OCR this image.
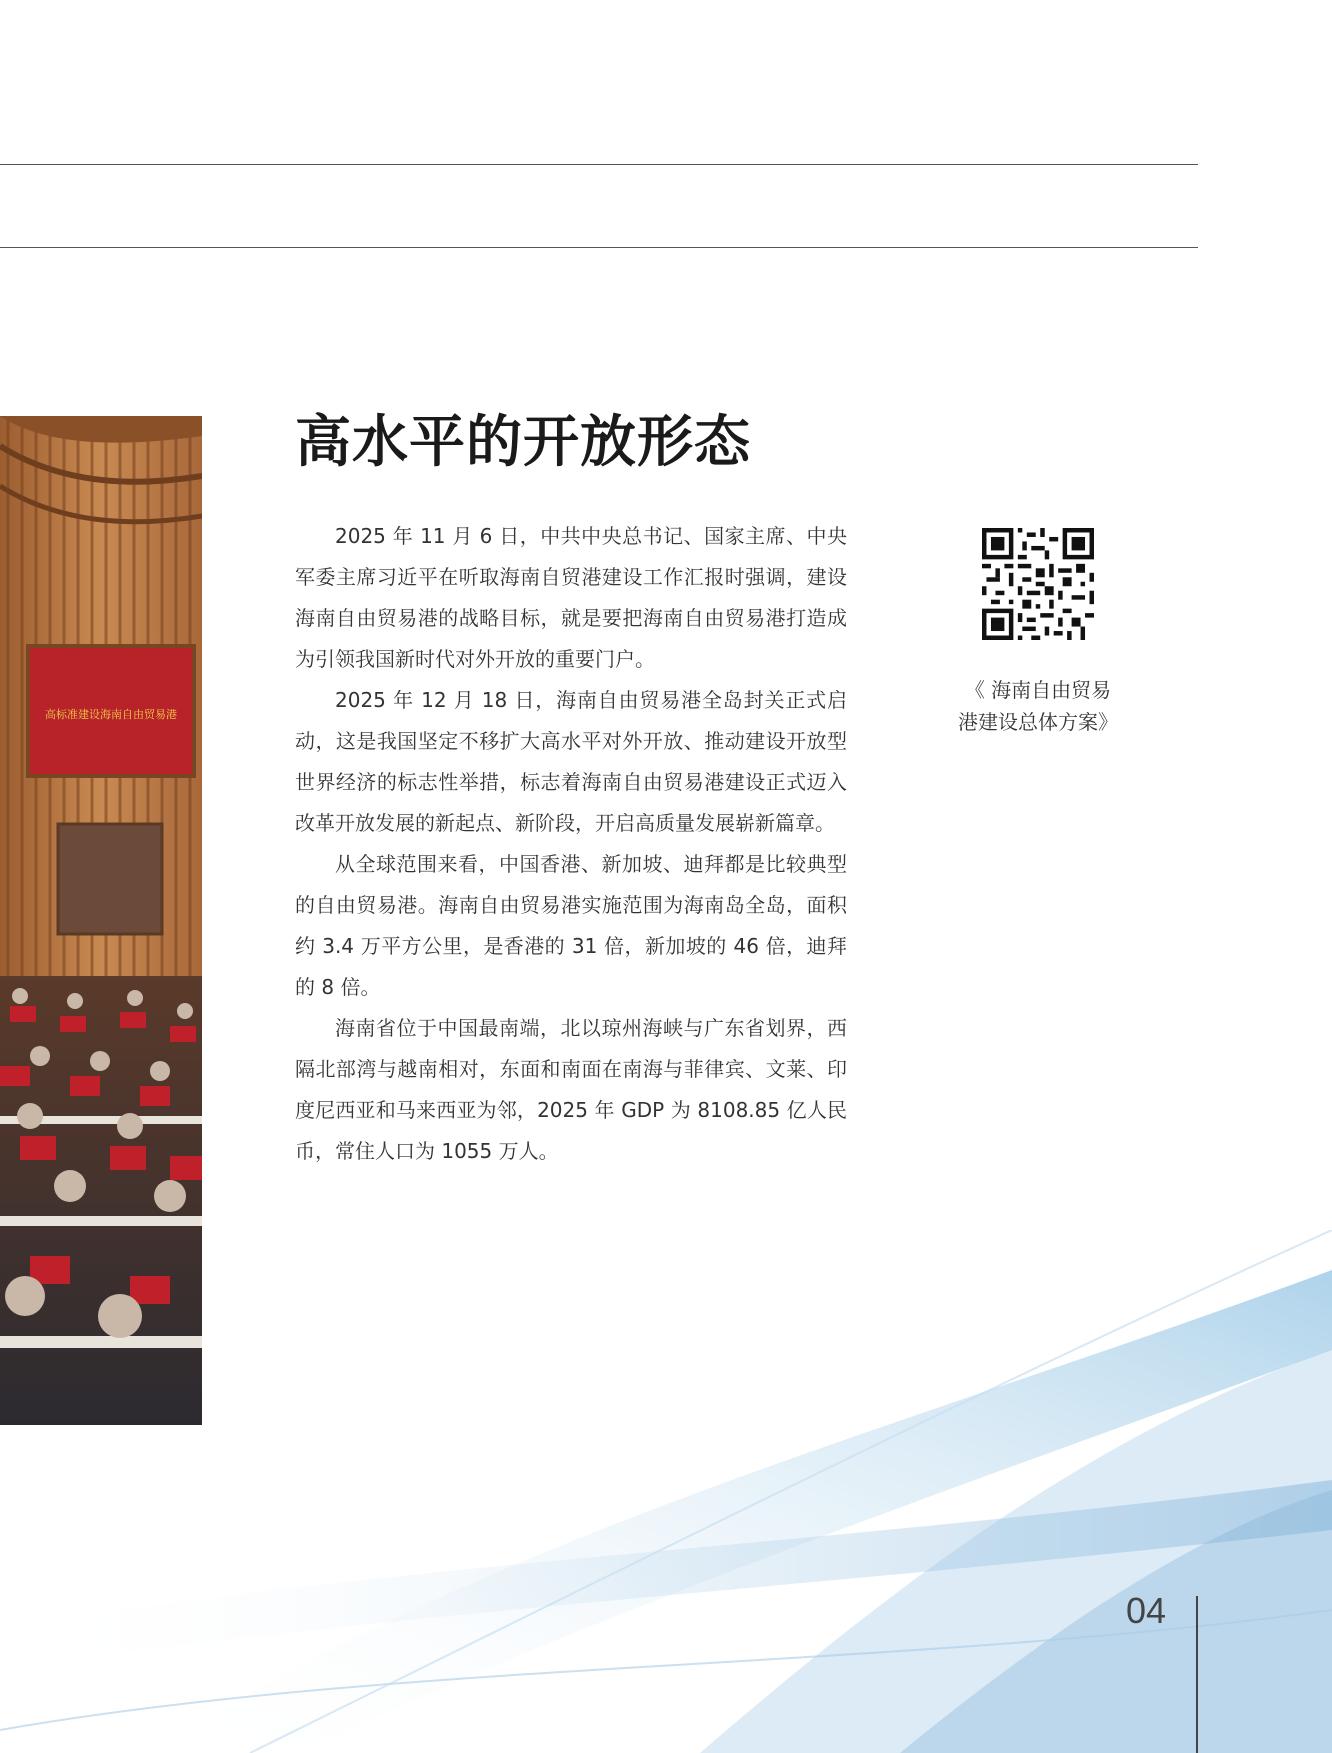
高标准建设海南自由贸易港
高水平的开放形态

2025 年 11 月 6 日，中共中央总书记、国家主席、中央军委主席习近平在听取海南自贸港建设工作汇报时强调，建设海南自由贸易港的战略目标，就是要把海南自由贸易港打造成为引领我国新时代对外开放的重要门户。

2025 年 12 月 18 日，海南自由贸易港全岛封关正式启动，这是我国坚定不移扩大高水平对外开放、推动建设开放型世界经济的标志性举措，标志着海南自由贸易港建设正式迈入改革开放发展的新起点、新阶段，开启高质量发展崭新篇章。

从全球范围来看，中国香港、新加坡、迪拜都是比较典型的自由贸易港。海南自由贸易港实施范围为海南岛全岛，面积约 3.4 万平方公里，是香港的 31 倍，新加坡的 46 倍，迪拜的 8 倍。

海南省位于中国最南端，北以琼州海峡与广东省划界，西隔北部湾与越南相对，东面和南面在南海与菲律宾、文莱、印度尼西亚和马来西亚为邻，2025 年 GDP 为 8108.85 亿人民币，常住人口为 1055 万人。

《 海南自由贸易
港建设总体方案》
04
